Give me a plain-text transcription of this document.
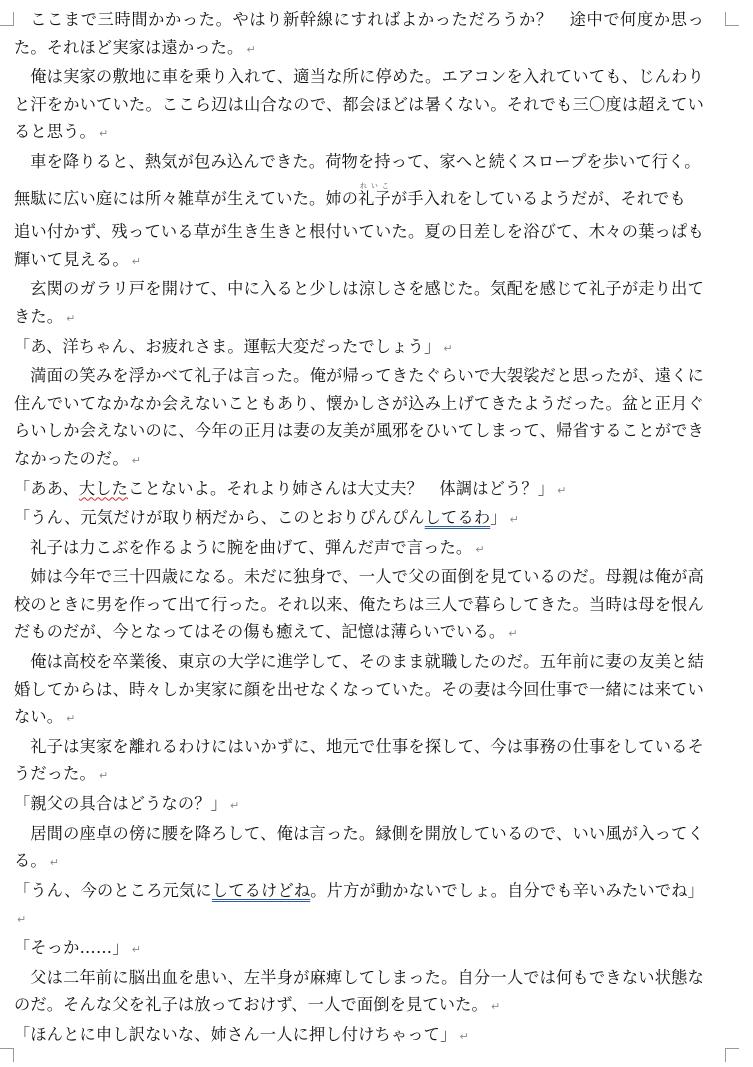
ここまで三時間かかった。やはり新幹線にすればよかっただろうか？　途中で何度か思った。それほど実家は遠かった。 ↵

俺は実家の敷地に車を乗り入れて、適当な所に停めた。エアコンを入れていても、じんわりと汗をかいていた。ここら辺は山合なので、都会ほどは暑くない。それでも三〇度は超えていると思う。 ↵

車を降りると、熱気が包み込んできた。荷物を持って、家へと続くスロープを歩いて行く。

無駄に広い庭には所々雑草が生えていた。姉の礼子れいこが手入れをしているようだが、それでも

追い付かず、残っている草が生き生きと根付いていた。夏の日差しを浴びて、木々の葉っぱも輝いて見える。 ↵

玄関のガラリ戸を開けて、中に入ると少しは涼しさを感じた。気配を感じて礼子が走り出てきた。 ↵

「あ、洋ちゃん、お疲れさま。運転大変だったでしょう」 ↵

満面の笑みを浮かべて礼子は言った。俺が帰ってきたぐらいで大袈裟だと思ったが、遠くに住んでいてなかなか会えないこともあり、懐かしさが込み上げてきたようだった。盆と正月ぐらいしか会えないのに、今年の正月は妻の友美が風邪をひいてしまって、帰省することができなかったのだ。 ↵

「ああ、大したことないよ。それより姉さんは大丈夫？　体調はどう？」 ↵

「うん、元気だけが取り柄だから、このとおりぴんぴんしてるわ」 ↵

礼子は力こぶを作るように腕を曲げて、弾んだ声で言った。 ↵

姉は今年で三十四歳になる。未だに独身で、一人で父の面倒を見ているのだ。母親は俺が高校のときに男を作って出て行った。それ以来、俺たちは三人で暮らしてきた。当時は母を恨んだものだが、今となってはその傷も癒えて、記憶は薄らいでいる。 ↵

俺は高校を卒業後、東京の大学に進学して、そのまま就職したのだ。五年前に妻の友美と結婚してからは、時々しか実家に顔を出せなくなっていた。その妻は今回仕事で一緒には来ていない。 ↵

礼子は実家を離れるわけにはいかずに、地元で仕事を探して、今は事務の仕事をしているそうだった。 ↵

「親父の具合はどうなの？」 ↵

居間の座卓の傍に腰を降ろして、俺は言った。縁側を開放しているので、いい風が入ってくる。 ↵

「うん、今のところ元気にしてるけどね。片方が動かないでしょ。自分でも辛いみたいでね」↵

「そっか……」 ↵

父は二年前に脳出血を患い、左半身が麻痺してしまった。自分一人では何もできない状態なのだ。そんな父を礼子は放っておけず、一人で面倒を見ていた。 ↵

「ほんとに申し訳ないな、姉さん一人に押し付けちゃって」 ↵
